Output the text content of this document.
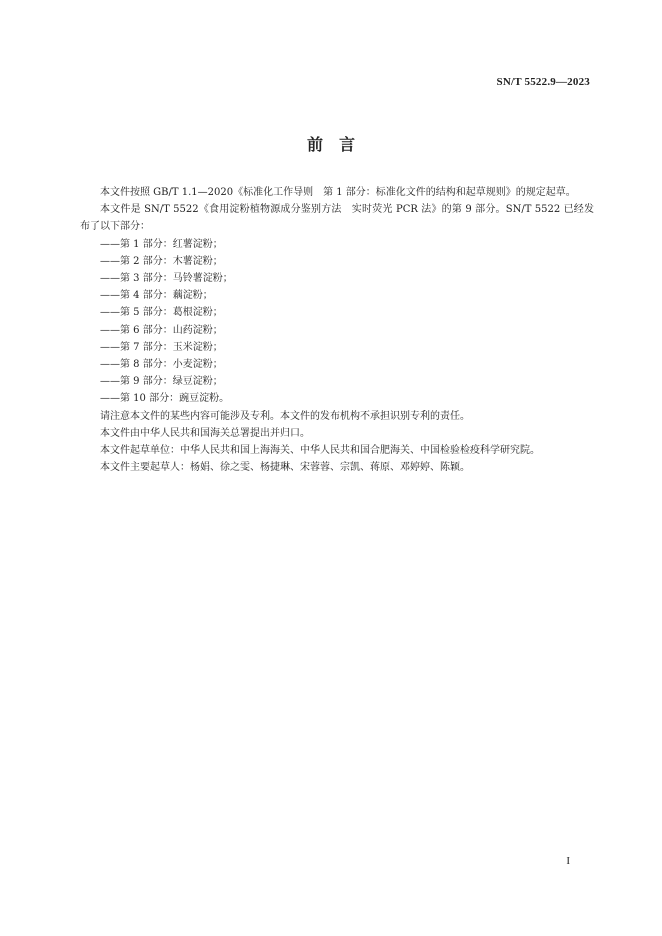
SN/T 5522.9—2023
前　言

本文件按照 GB/T 1.1—2020《标准化工作导则　第 1 部分：标准化文件的结构和起草规则》的规定起草。

本文件是 SN/T 5522《食用淀粉植物源成分鉴别方法　实时荧光 PCR 法》的第 9 部分。SN/T 5522 已经发布了以下部分：

——第 1 部分：红薯淀粉；

——第 2 部分：木薯淀粉；

——第 3 部分：马铃薯淀粉；

——第 4 部分：藕淀粉；

——第 5 部分：葛根淀粉；

——第 6 部分：山药淀粉；

——第 7 部分：玉米淀粉；

——第 8 部分：小麦淀粉；

——第 9 部分：绿豆淀粉；

——第 10 部分：豌豆淀粉。

请注意本文件的某些内容可能涉及专利。本文件的发布机构不承担识别专利的责任。

本文件由中华人民共和国海关总署提出并归口。

本文件起草单位：中华人民共和国上海海关、中华人民共和国合肥海关、中国检验检疫科学研究院。

本文件主要起草人：杨娟、徐之雯、杨捷琳、宋蓉蓉、宗凯、蒋原、邓婷婷、陈颖。

I
